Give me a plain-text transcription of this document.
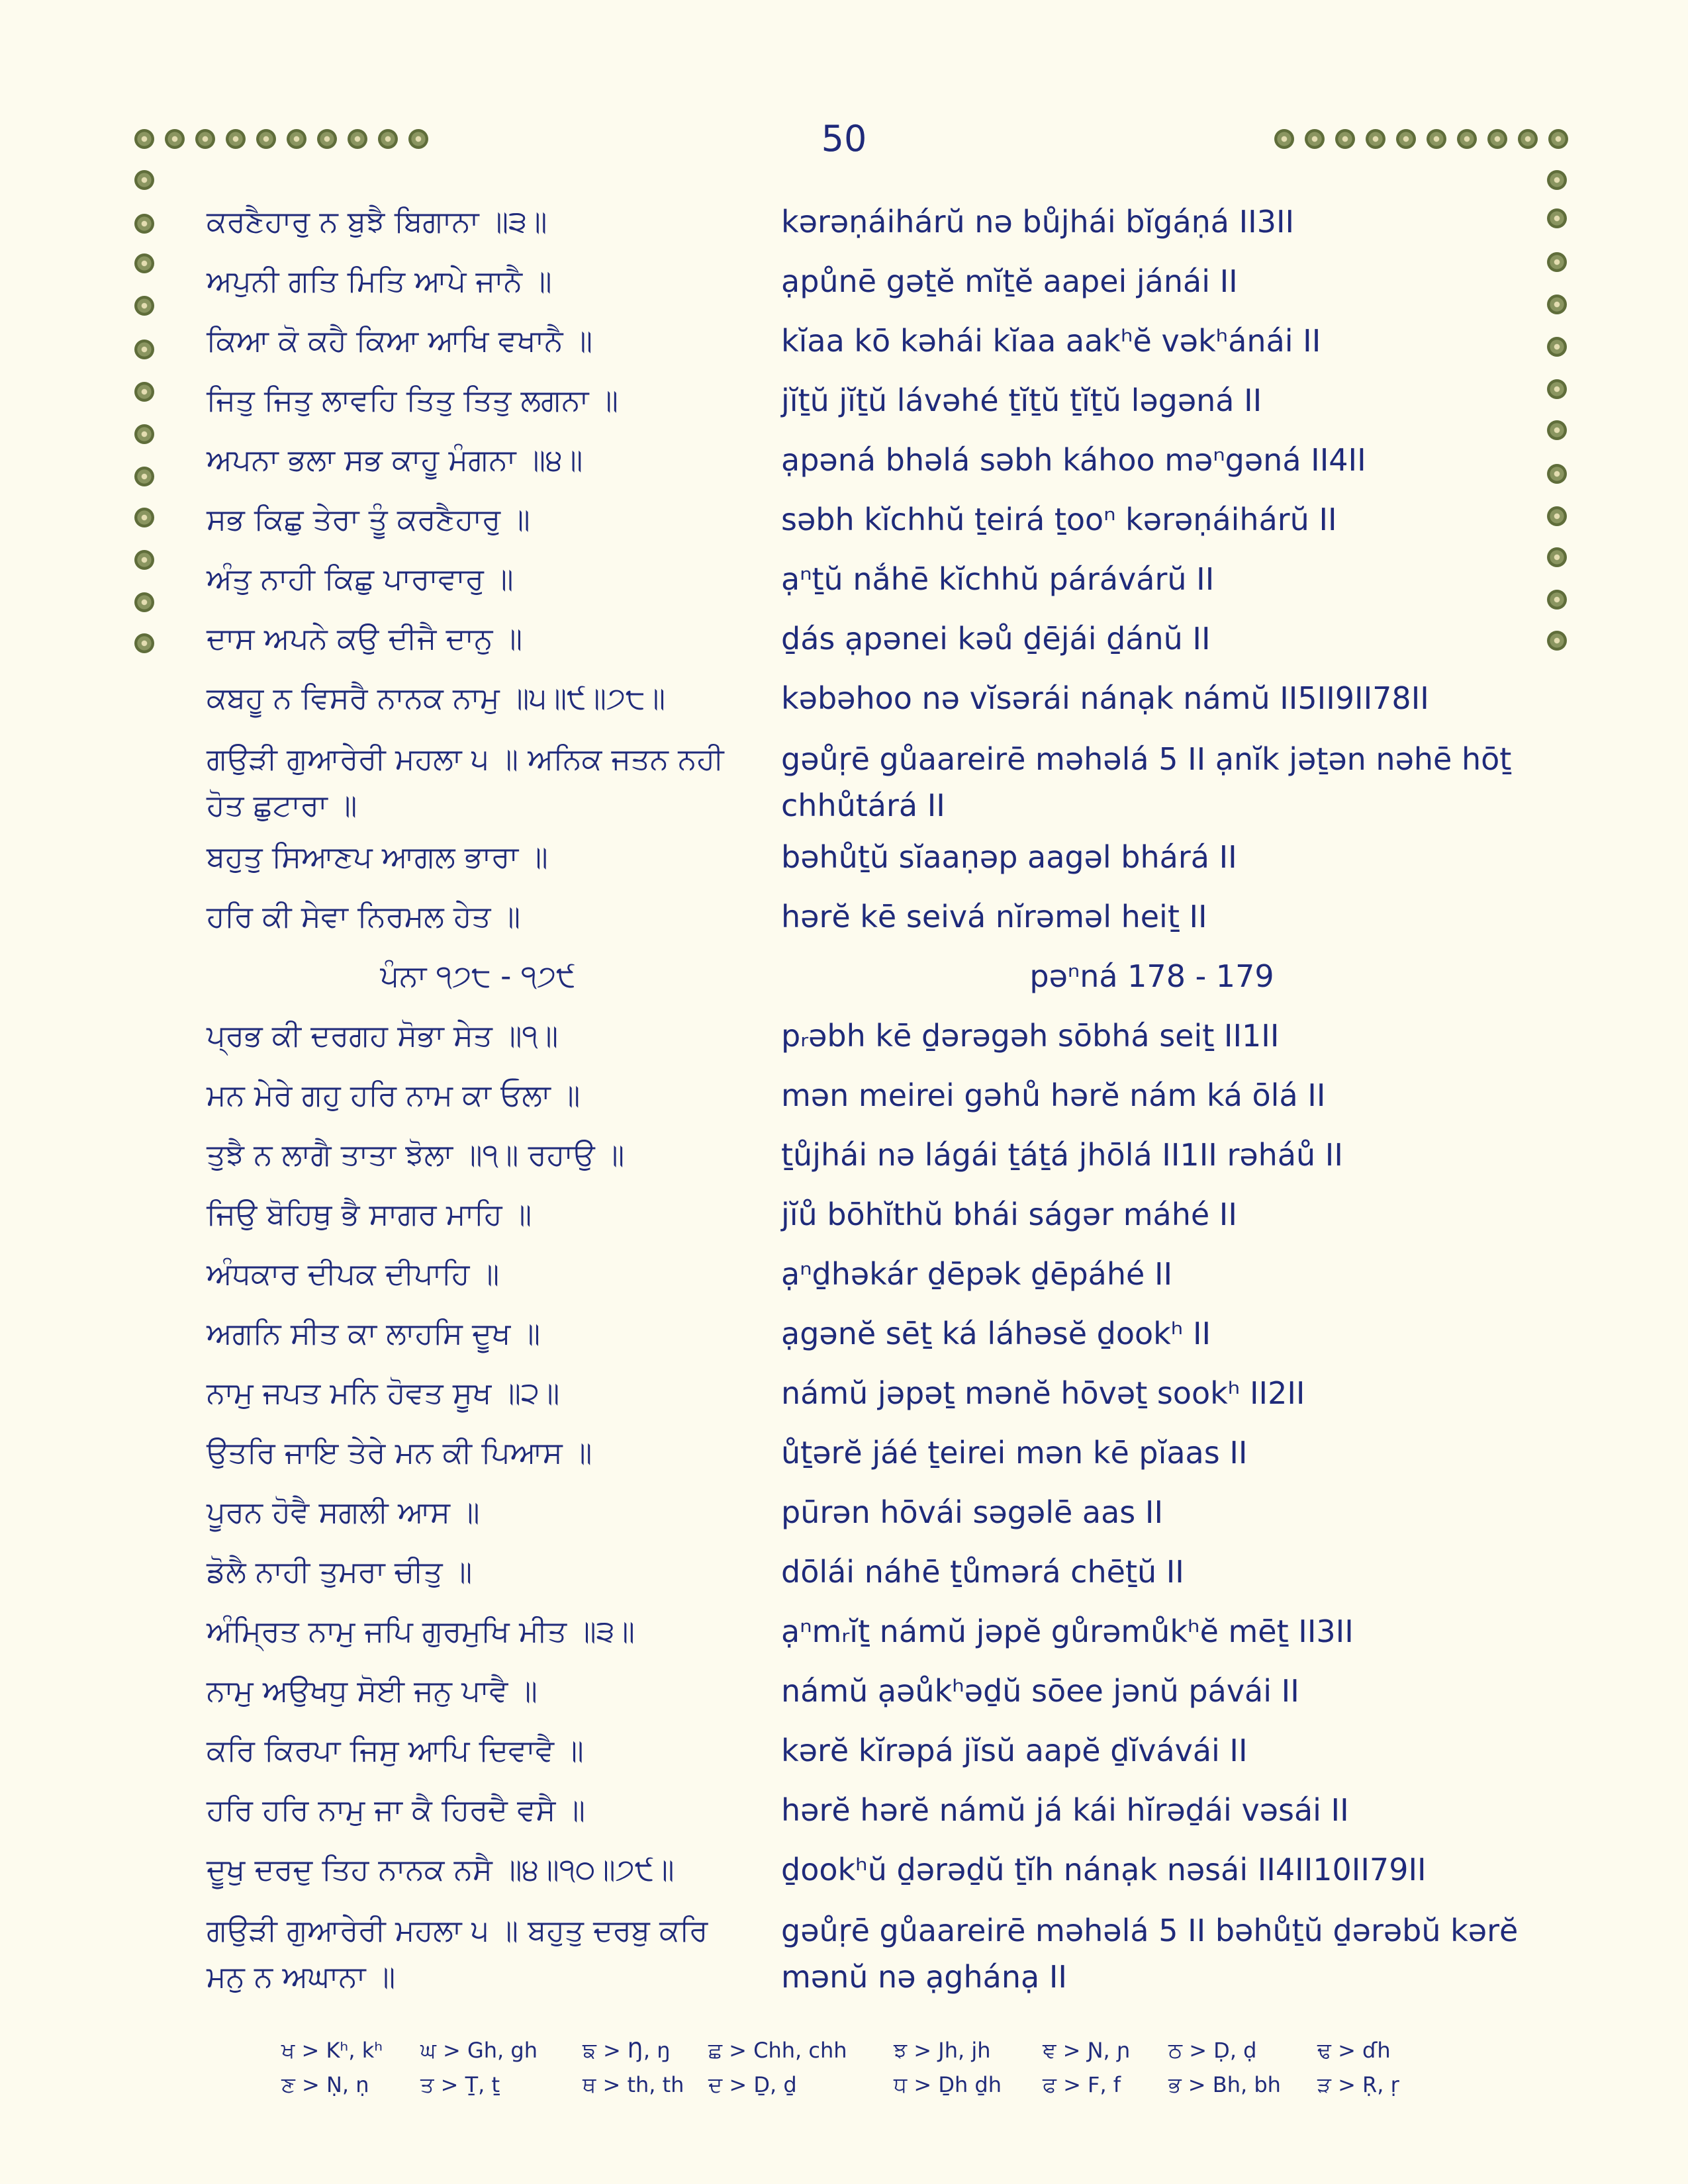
50
ਕਰਣੈਹਾਰੁ ਨ ਬੁਝੈ ਬਿਗਾਨਾ ॥੩॥	kərəṇáihárŭ nə bůjhái bĭgáṇá II3II
ਅਪੁਨੀ ਗਤਿ ਮਿਤਿ ਆਪੇ ਜਾਨੈ ॥	ạpůnē gəṯĕ mĭṯĕ aapei jánái II
ਕਿਆ ਕੋ ਕਹੈ ਕਿਆ ਆਖਿ ਵਖਾਨੈ ॥	kĭaa kō kəhái kĭaa aakʰĕ vəkʰánái II
ਜਿਤੁ ਜਿਤੁ ਲਾਵਹਿ ਤਿਤੁ ਤਿਤੁ ਲਗਨਾ ॥	jĭṯŭ jĭṯŭ lávəhé ṯĭṯŭ ṯĭṯŭ ləgəná II
ਅਪਨਾ ਭਲਾ ਸਭ ਕਾਹੂ ਮੰਗਨਾ ॥੪॥	ạpəná bhəlá səbh káhoo məⁿgəná II4II
ਸਭ ਕਿਛੁ ਤੇਰਾ ਤੂੰ ਕਰਣੈਹਾਰੁ ॥	səbh kĭchhŭ ṯeirá ṯooⁿ kərəṇáihárŭ II
ਅੰਤੁ ਨਾਹੀ ਕਿਛੁ ਪਾਰਾਵਾਰੁ ॥	ạⁿṯŭ nắhē kĭchhŭ párávárŭ II
ਦਾਸ ਅਪਨੇ ਕਉ ਦੀਜੈ ਦਾਨੁ ॥	ḏás ạpənei kəů ḏējái ḏánŭ II
ਕਬਹੂ ਨ ਵਿਸਰੈ ਨਾਨਕ ਨਾਮੁ ॥੫॥੯॥੭੮॥	kəbəhoo nə vĭsərái nánạk námŭ II5II9II78II
ਗਉੜੀ ਗੁਆਰੇਰੀ ਮਹਲਾ ੫ ॥ ਅਨਿਕ ਜਤਨ ਨਹੀ ਹੋਤ ਛੁਟਾਰਾ ॥
gəůṛē gůaareirē məhəlá 5 II ạnĭk jəṯən nəhē hōṯ chhůtárá II
ਬਹੁਤੁ ਸਿਆਣਪ ਆਗਲ ਭਾਰਾ ॥	bəhůṯŭ sĭaaṇəp aagəl bhárá II
ਹਰਿ ਕੀ ਸੇਵਾ ਨਿਰਮਲ ਹੇਤ ॥	hərĕ kē seivá nĭrəməl heiṯ II
ਪੰਨਾ ੧੭੮ - ੧੭੯	pəⁿná 178 - 179
ਪ੍ਰਭ ਕੀ ਦਰਗਹ ਸੋਭਾ ਸੇਤ ॥੧॥	pᵣəbh kē ḏərəgəh sōbhá seiṯ II1II
ਮਨ ਮੇਰੇ ਗਹੁ ਹਰਿ ਨਾਮ ਕਾ ਓਲਾ ॥	mən meirei gəhů hərĕ nám ká ōlá II
ਤੁਝੈ ਨ ਲਾਗੈ ਤਾਤਾ ਝੋਲਾ ॥੧॥ ਰਹਾਉ ॥	ṯůjhái nə lágái ṯáṯá jhōlá II1II rəháů II
ਜਿਉ ਬੋਹਿਥੁ ਭੈ ਸਾਗਰ ਮਾਹਿ ॥	jĭů bōhĭthŭ bhái ságər máhé II
ਅੰਧਕਾਰ ਦੀਪਕ ਦੀਪਾਹਿ ॥	ạⁿḏhəkár ḏēpək ḏēpáhé II
ਅਗਨਿ ਸੀਤ ਕਾ ਲਾਹਸਿ ਦੂਖ ॥	ạgənĕ sēṯ ká láhəsĕ ḏookʰ II
ਨਾਮੁ ਜਪਤ ਮਨਿ ਹੋਵਤ ਸੂਖ ॥੨॥	námŭ jəpəṯ mənĕ hōvəṯ sookʰ II2II
ਉਤਰਿ ਜਾਇ ਤੇਰੇ ਮਨ ਕੀ ਪਿਆਸ ॥	ůṯərĕ jáé ṯeirei mən kē pĭaas II
ਪੂਰਨ ਹੋਵੈ ਸਗਲੀ ਆਸ ॥	pūrən hōvái səgəlē aas II
ਡੋਲੈ ਨਾਹੀ ਤੁਮਰਾ ਚੀਤੁ ॥	dōlái náhē ṯůmərá chēṯŭ II
ਅੰਮ੍ਰਿਤ ਨਾਮੁ ਜਪਿ ਗੁਰਮੁਖਿ ਮੀਤ ॥੩॥	ạⁿmᵣĭṯ námŭ jəpĕ gůrəmůkʰĕ mēṯ II3II
ਨਾਮੁ ਅਉਖਧੁ ਸੋਈ ਜਨੁ ਪਾਵੈ ॥	námŭ ạəůkʰəḏŭ sōee jənŭ pávái II
ਕਰਿ ਕਿਰਪਾ ਜਿਸੁ ਆਪਿ ਦਿਵਾਵੈ ॥	kərĕ kĭrəpá jĭsŭ aapĕ ḏĭvávái II
ਹਰਿ ਹਰਿ ਨਾਮੁ ਜਾ ਕੈ ਹਿਰਦੈ ਵਸੈ ॥	hərĕ hərĕ námŭ já kái hĭrəḏái vəsái II
ਦੂਖੁ ਦਰਦੁ ਤਿਹ ਨਾਨਕ ਨਸੈ ॥੪॥੧੦॥੭੯॥	ḏookʰŭ ḏərəḏŭ ṯĭh nánạk nəsái II4II10II79II
ਗਉੜੀ ਗੁਆਰੇਰੀ ਮਹਲਾ ੫ ॥ ਬਹੁਤੁ ਦਰਬੁ ਕਰਿ ਮਨੁ ਨ ਅਘਾਨਾ ॥
gəůṛē gůaareirē məhəlá 5 II bəhůṯŭ ḏərəbŭ kərĕ mənŭ nə ạghánạ II
ਖ > Kʰ, kʰ ਘ > Gh, gh ਙ > Ŋ, ŋ ਛ > Chh, chh ਝ > Jh, jh ਞ > Ɲ, ɲ ਠ > Ḍ, ḍ	ਢ > ɗh
ਣ > Ṇ, ṇ ਤ > Ṯ, ṯ	ਥ > th, th ਦ > Ḏ, ḏ	ਧ > Ḏh ḏh ਫ > F, f ਭ > Bh, bh ੜ > Ṛ, ṛ
